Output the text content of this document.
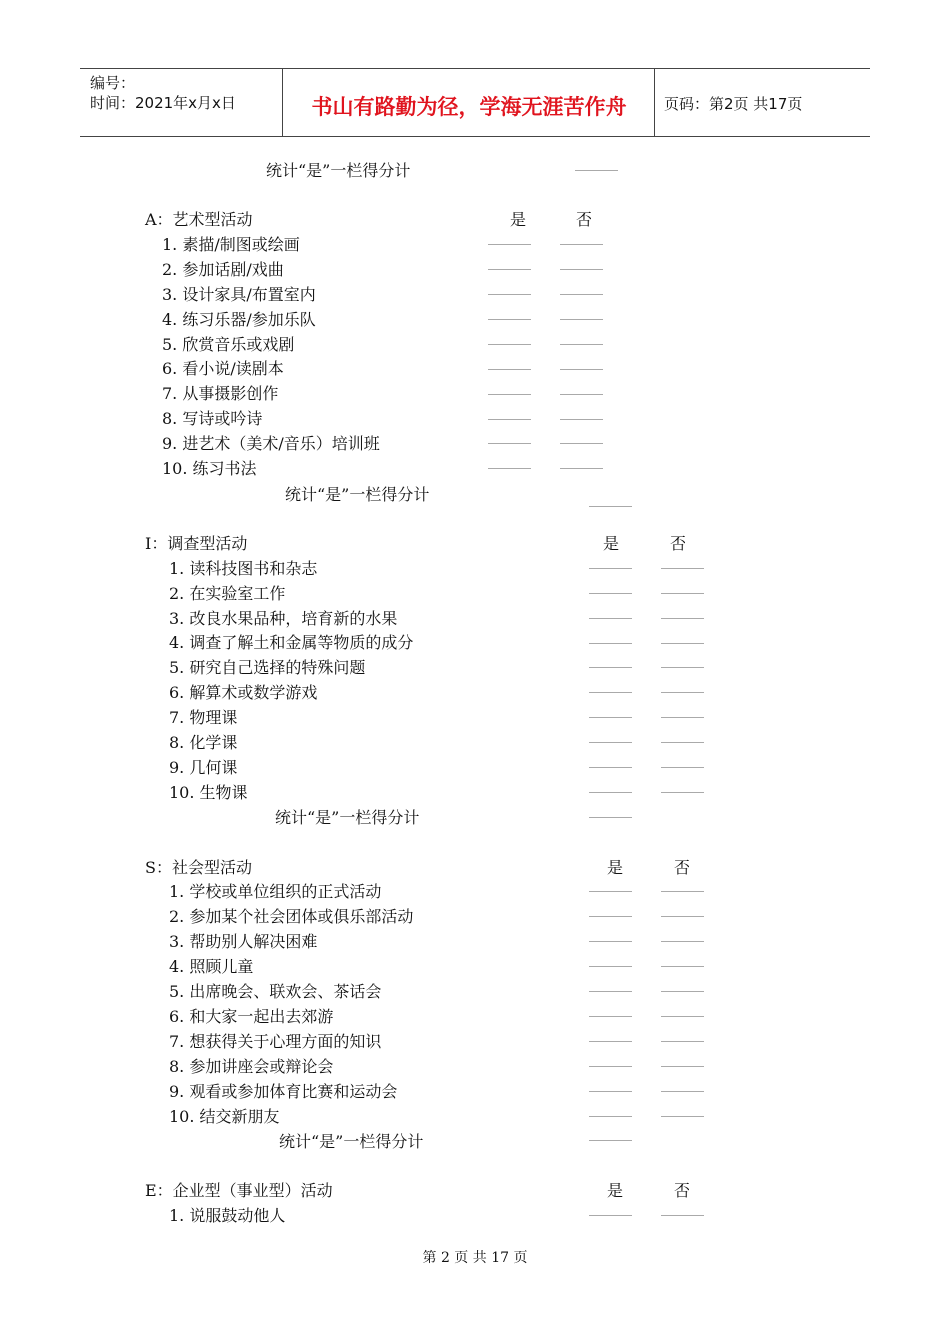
编号：
时间：2021年x月x日	书山有路勤为径，学海无涯苦作舟	页码：第2页 共17页
统计“是”一栏得分计
A：艺术型活动	是	否
1. 素描/制图或绘画
2. 参加话剧/戏曲
3. 设计家具/布置室内
4. 练习乐器/参加乐队
5. 欣赏音乐或戏剧
6. 看小说/读剧本
7. 从事摄影创作
8. 写诗或吟诗
9. 进艺术（美术/音乐）培训班
10. 练习书法
统计“是”一栏得分计
I：调查型活动	是	否
1. 读科技图书和杂志
2. 在实验室工作
3. 改良水果品种，培育新的水果
4. 调查了解土和金属等物质的成分
5. 研究自己选择的特殊问题
6. 解算术或数学游戏
7. 物理课
8. 化学课
9. 几何课
10. 生物课
统计“是”一栏得分计
S：社会型活动	是	否
1. 学校或单位组织的正式活动
2. 参加某个社会团体或俱乐部活动
3. 帮助别人解决困难
4. 照顾儿童
5. 出席晚会、联欢会、茶话会
6. 和大家一起出去郊游
7. 想获得关于心理方面的知识
8. 参加讲座会或辩论会
9. 观看或参加体育比赛和运动会
10. 结交新朋友
统计“是”一栏得分计
E：企业型（事业型）活动	是	否
1. 说服鼓动他人
第 2 页 共 17 页
